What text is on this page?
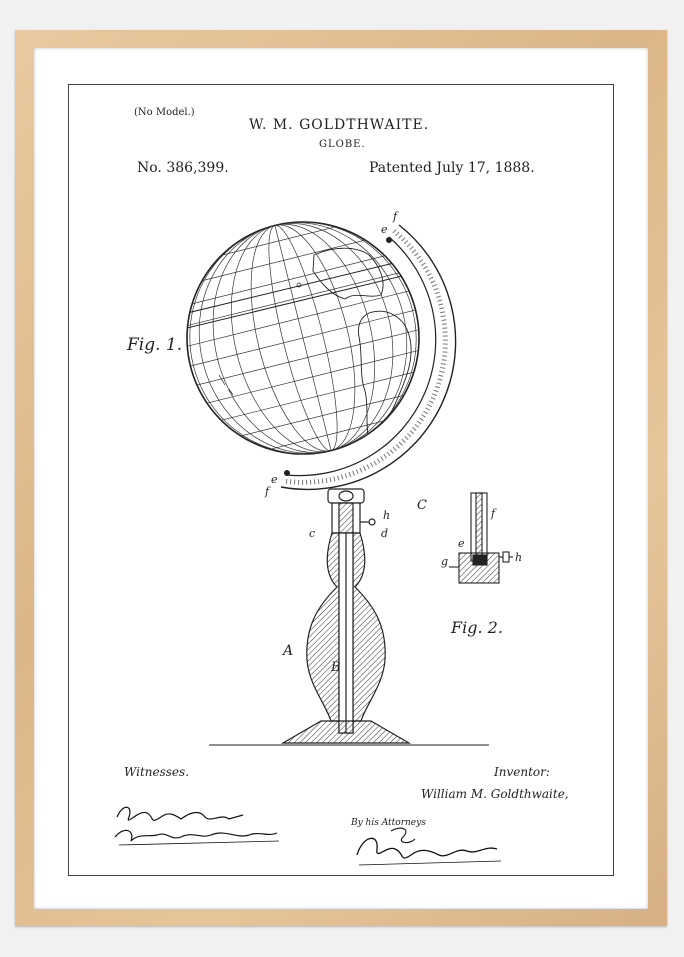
(No Model.)
W. M. GOLDTHWAITE.
GLOBE.
No. 386,399.	Patented July 17, 1888.
Fig. 1.
Fig. 2.
f
e
e
f
C
h
c	d
A
B
f
e
g	h
Witnesses.	Inventor:
William M. Goldthwaite,
By his Attorneys
